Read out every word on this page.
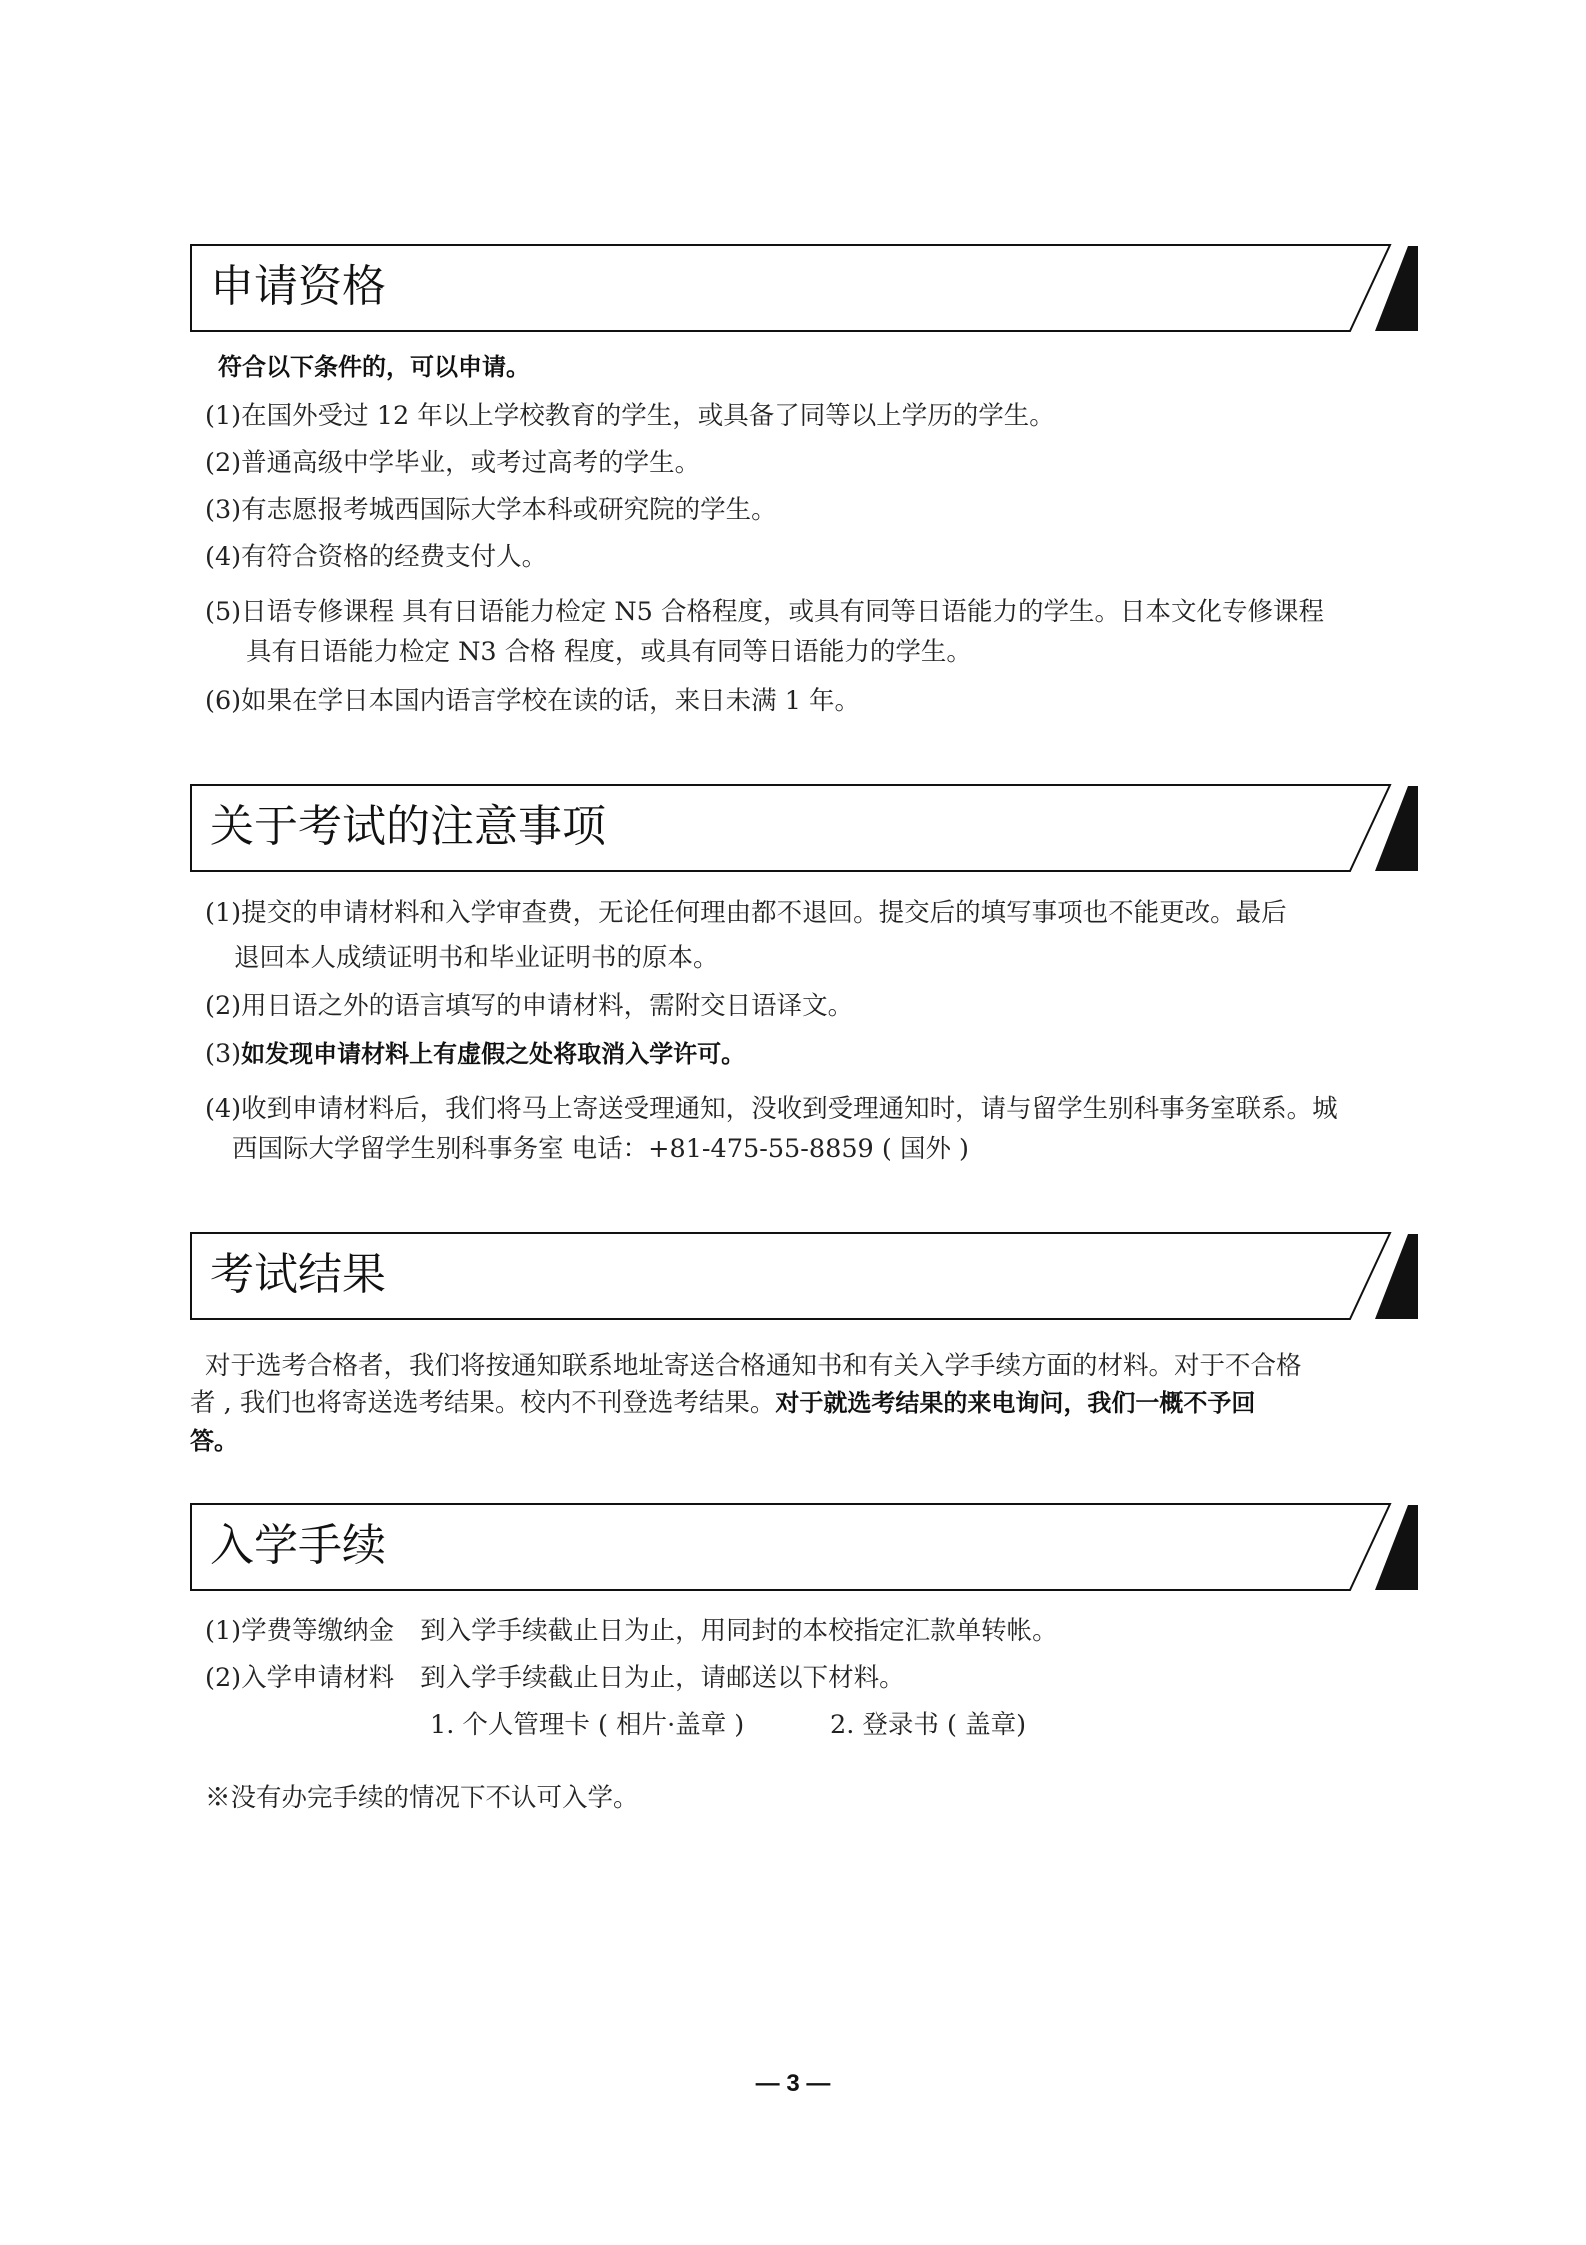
申请资格
符合以下条件的，可以申请。
(1)在国外受过 12 年以上学校教育的学生，或具备了同等以上学历的学生。
(2)普通高级中学毕业，或考过高考的学生。
(3)有志愿报考城西国际大学本科或研究院的学生。
(4)有符合资格的经费支付人。
(5)日语专修课程 具有日语能力检定 N5 合格程度，或具有同等日语能力的学生。日本文化专修课程
具有日语能力检定 N3 合格 程度，或具有同等日语能力的学生。
(6)如果在学日本国内语言学校在读的话，来日未满 1 年。
关于考试的注意事项
(1)提交的申请材料和入学审查费，无论任何理由都不退回。提交后的填写事项也不能更改。最后
退回本人成绩证明书和毕业证明书的原本。
(2)用日语之外的语言填写的申请材料，需附交日语译文。
(3)如发现申请材料上有虚假之处将取消入学许可。
(4)收到申请材料后，我们将马上寄送受理通知，没收到受理通知时，请与留学生别科事务室联系。城
西国际大学留学生别科事务室 电话：+81-475-55-8859 ( 国外 )
考试结果
对于选考合格者，我们将按通知联系地址寄送合格通知书和有关入学手续方面的材料。对于不合格
者 , 我们也将寄送选考结果。校内不刊登选考结果。对于就选考结果的来电询问，我们一概不予回
答。
入学手续
(1)学费等缴纳金 到入学手续截止日为止，用同封的本校指定汇款单转帐。
(2)入学申请材料 到入学手续截止日为止，请邮送以下材料。
1. 个人管理卡 ( 相片·盖章 )	2. 登录书 ( 盖章)
※没有办完手续的情况下不认可入学。
— 3 —
